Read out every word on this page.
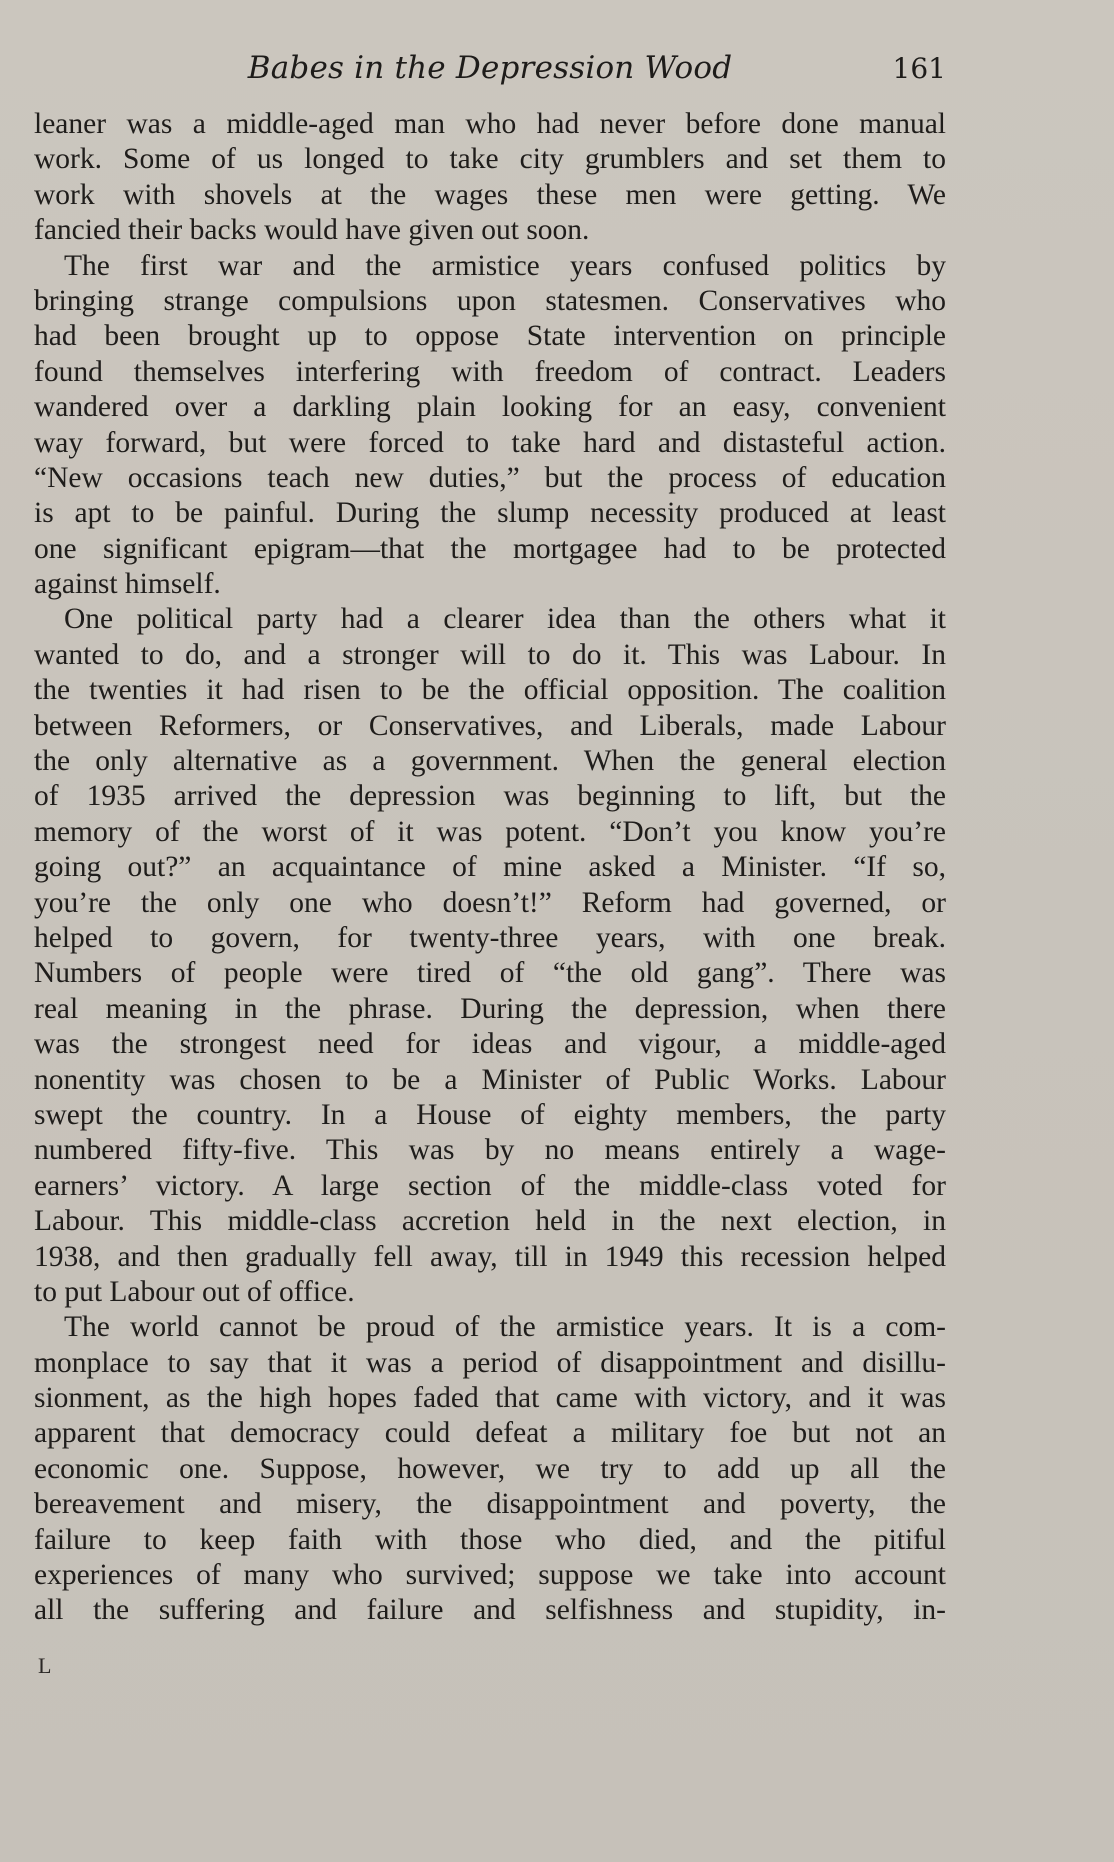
Babes in the Depression Wood	161
leaner was a middle-aged man who had never before done manual
work. Some of us longed to take city grumblers and set them to
work with shovels at the wages these men were getting. We
fancied their backs would have given out soon.
The first war and the armistice years confused politics by
bringing strange compulsions upon statesmen. Conservatives who
had been brought up to oppose State intervention on principle
found themselves interfering with freedom of contract. Leaders
wandered over a darkling plain looking for an easy, convenient
way forward, but were forced to take hard and distasteful action.
“New occasions teach new duties,” but the process of education
is apt to be painful. During the slump necessity produced at least
one significant epigram—that the mortgagee had to be protected
against himself.
One political party had a clearer idea than the others what it
wanted to do, and a stronger will to do it. This was Labour. In
the twenties it had risen to be the official opposition. The coalition
between Reformers, or Conservatives, and Liberals, made Labour
the only alternative as a government. When the general election
of 1935 arrived the depression was beginning to lift, but the
memory of the worst of it was potent. “Don’t you know you’re
going out?” an acquaintance of mine asked a Minister. “If so,
you’re the only one who doesn’t!” Reform had governed, or
helped to govern, for twenty-three years, with one break.
Numbers of people were tired of “the old gang”. There was
real meaning in the phrase. During the depression, when there
was the strongest need for ideas and vigour, a middle-aged
nonentity was chosen to be a Minister of Public Works. Labour
swept the country. In a House of eighty members, the party
numbered fifty-five. This was by no means entirely a wage-
earners’ victory. A large section of the middle-class voted for
Labour. This middle-class accretion held in the next election, in
1938, and then gradually fell away, till in 1949 this recession helped
to put Labour out of office.
The world cannot be proud of the armistice years. It is a com-
monplace to say that it was a period of disappointment and disillu-
sionment, as the high hopes faded that came with victory, and it was
apparent that democracy could defeat a military foe but not an
economic one. Suppose, however, we try to add up all the
bereavement and misery, the disappointment and poverty, the
failure to keep faith with those who died, and the pitiful
experiences of many who survived; suppose we take into account
all the suffering and failure and selfishness and stupidity, in-
L
